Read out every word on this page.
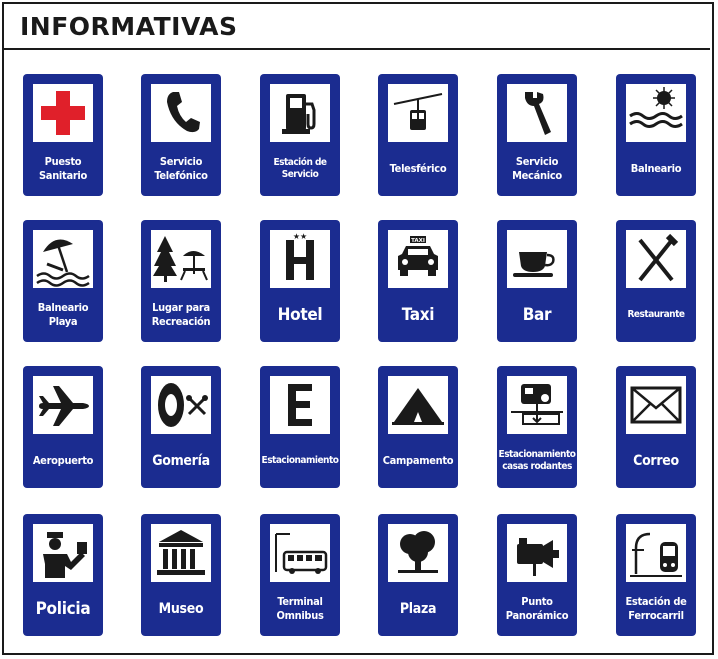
INFORMATIVAS
Puesto
Sanitario
Servicio
Telefónico
Estación de
Servicio	Telesférico
Servicio
Mecánico
Balneario
Balneario
Playa
Lugar para
Recreación
★★
Hotel
TAXI
Taxi	Bar	Restaurante
Aeropuerto	Gomería	Estacionamiento	Campamento	Estacionamiento
casas rodantes	Correo
Policia	Museo	Terminal
Omnibus	Plaza	Punto
Panorámico
Estación de
Ferrocarril
